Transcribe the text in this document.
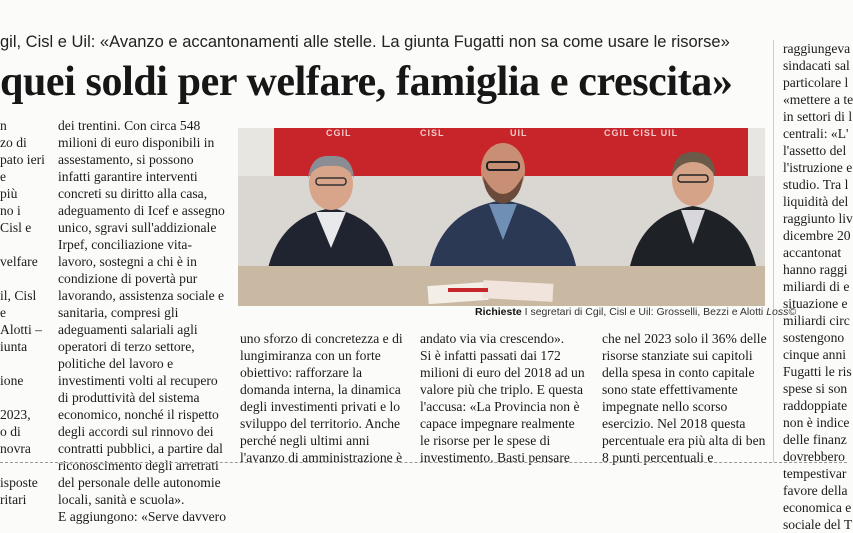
gil, Cisl e Uil: «Avanzo e accantonamenti alle stelle. La giunta Fugatti non sa come usare le risorse»
quei soldi per welfare, famiglia e crescita»
n
zo di
pato ieri
e
più
no i
Cisl e
velfare
il, Cisl
e
Alotti –
iunta
ione
2023,
o di
novra
isposte
ritari
dei trentini. Con circa 548
milioni di euro disponibili in
assestamento, si possono
infatti garantire interventi
concreti su diritto alla casa,
adeguamento di Icef e assegno
unico, sgravi sull'addizionale
Irpef, conciliazione vita-
lavoro, sostegni a chi è in
condizione di povertà pur
lavorando, assistenza sociale e
sanitaria, compresi gli
adeguamenti salariali agli
operatori di terzo settore,
politiche del lavoro e
investimenti volti al recupero
di produttività del sistema
economico, nonché il rispetto
degli accordi sul rinnovo dei
contratti pubblici, a partire dal
riconoscimento degli arretrati
del personale delle autonomie
locali, sanità e scuola».
E aggiungono: «Serve davvero
uno sforzo di concretezza e di
lungimiranza con un forte
obiettivo: rafforzare la
domanda interna, la dinamica
degli investimenti privati e lo
sviluppo del territorio. Anche
perché negli ultimi anni
l'avanzo di amministrazione è
andato via via crescendo».
Si è infatti passati dai 172
milioni di euro del 2018 ad un
valore più che triplo. E questa
l'accusa: «La Provincia non è
capace impegnare realmente
le risorse per le spese di
investimento. Basti pensare
che nel 2023 solo il 36% delle
risorse stanziate sui capitoli
della spesa in conto capitale
sono state effettivamente
impegnate nello scorso
esercizio. Nel 2018 questa
percentuale era più alta di ben
8 punti percentuali e
raggiungeva
sindacati sal
particolare l
«mettere a te
in settori di l
centrali: «L'
l'assetto del
l'istruzione e
studio. Tra l
liquidità del
raggiunto liv
dicembre 20
accantonat
hanno raggi
miliardi di e
situazione e
miliardi circ
sostengono
cinque anni
Fugatti le ris
spese si son
raddoppiate
non è indice
delle finanz
dovrebbero
tempestivar
favore della
economica e
sociale del T
CGIL	CISL	UIL	CGIL CISL UIL
Richieste I segretari di Cgil, Cisl e Uil: Grosselli, Bezzi e Alotti Loss©
